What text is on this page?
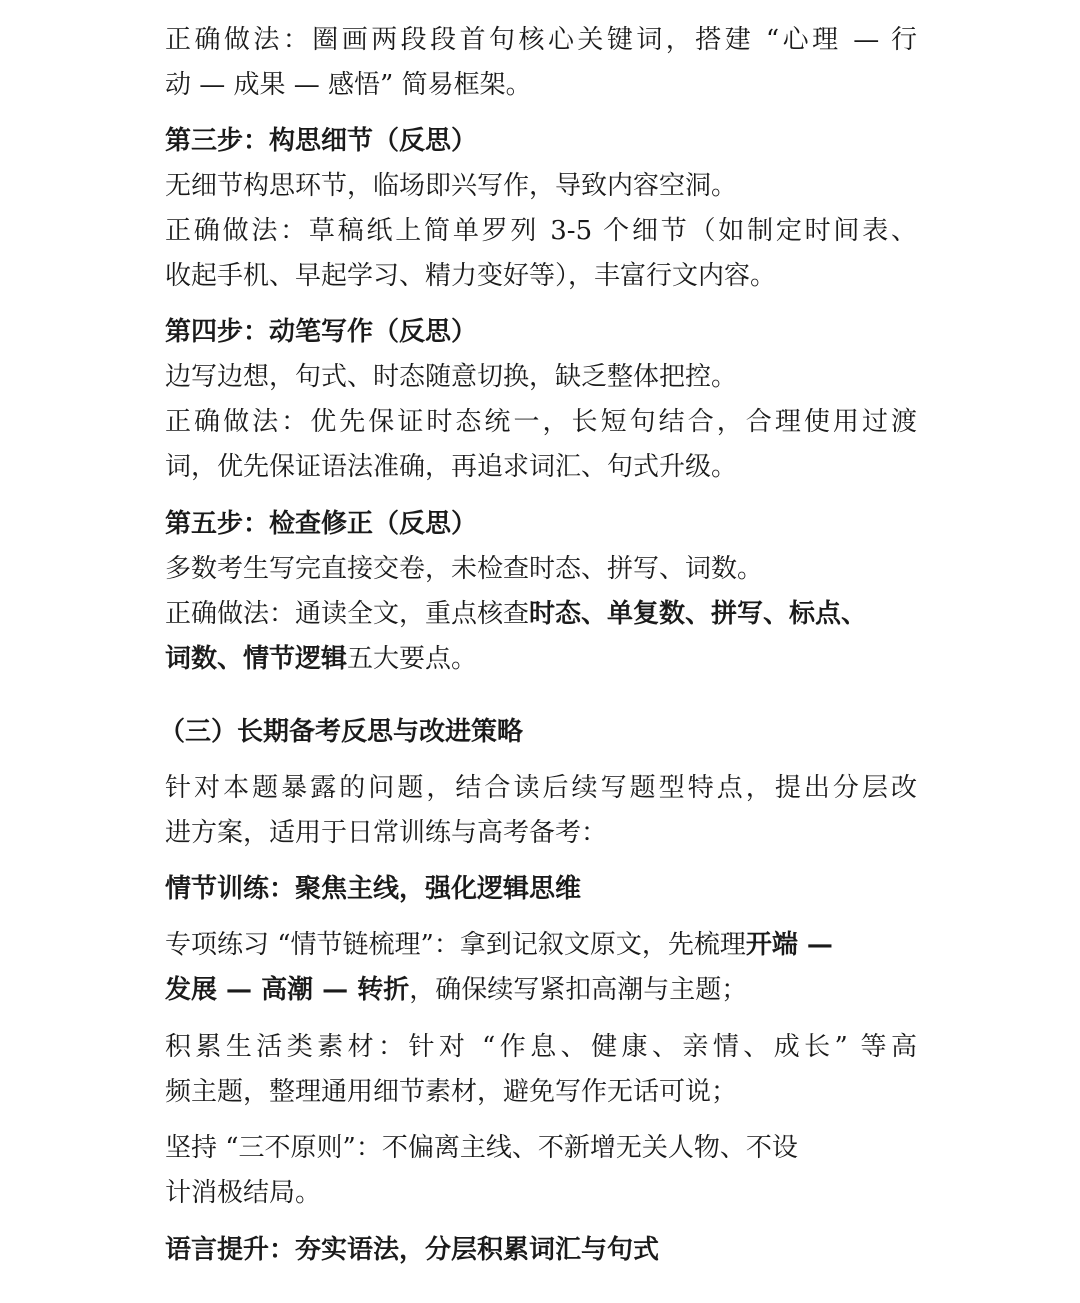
正确做法：圈画两段段首句核心关键词，搭建 “心理 — 行
动 — 成果 — 感悟” 简易框架。
第三步：构思细节（反思）
无细节构思环节，临场即兴写作，导致内容空洞。
正确做法：草稿纸上简单罗列 3-5 个细节（如制定时间表、
收起手机、早起学习、精力变好等），丰富行文内容。
第四步：动笔写作（反思）
边写边想，句式、时态随意切换，缺乏整体把控。
正确做法：优先保证时态统一，长短句结合，合理使用过渡
词，优先保证语法准确，再追求词汇、句式升级。
第五步：检查修正（反思）
多数考生写完直接交卷，未检查时态、拼写、词数。
正确做法：通读全文，重点核查时态、单复数、拼写、标点、
词数、情节逻辑五大要点。
（三）长期备考反思与改进策略
针对本题暴露的问题，结合读后续写题型特点，提出分层改
进方案，适用于日常训练与高考备考：
情节训练：聚焦主线，强化逻辑思维
专项练习 “情节链梳理”：拿到记叙文原文，先梳理开端 —
发展 — 高潮 — 转折，确保续写紧扣高潮与主题；
积累生活类素材：针对 “作息、健康、亲情、成长” 等高
频主题，整理通用细节素材，避免写作无话可说；
坚持 “三不原则”：不偏离主线、不新增无关人物、不设
计消极结局。
语言提升：夯实语法，分层积累词汇与句式
